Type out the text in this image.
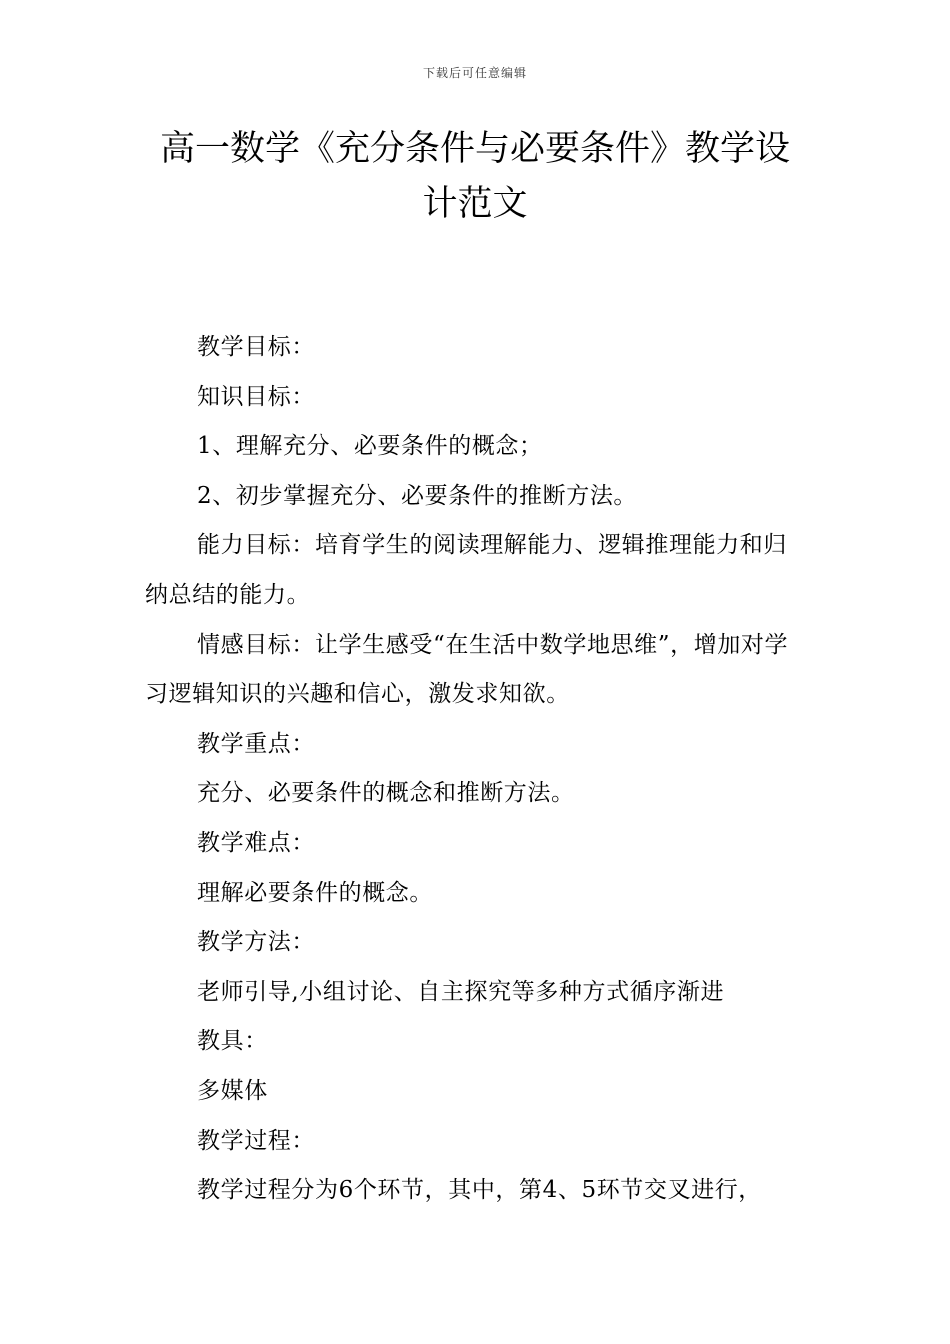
下载后可任意编辑
高一数学《充分条件与必要条件》教学设
计范文

教学目标：

知识目标：

1、理解充分、必要条件的概念；

2、初步掌握充分、必要条件的推断方法。

能力目标：培育学生的阅读理解能力、逻辑推理能力和归纳总结的能力。

情感目标：让学生感受“在生活中数学地思维”，增加对学习逻辑知识的兴趣和信心，激发求知欲。

教学重点：

充分、必要条件的概念和推断方法。

教学难点：

理解必要条件的概念。

教学方法：

老师引导,小组讨论、自主探究等多种方式循序渐进

教具：

多媒体

教学过程：

教学过程分为6个环节，其中，第4、5环节交叉进行，
